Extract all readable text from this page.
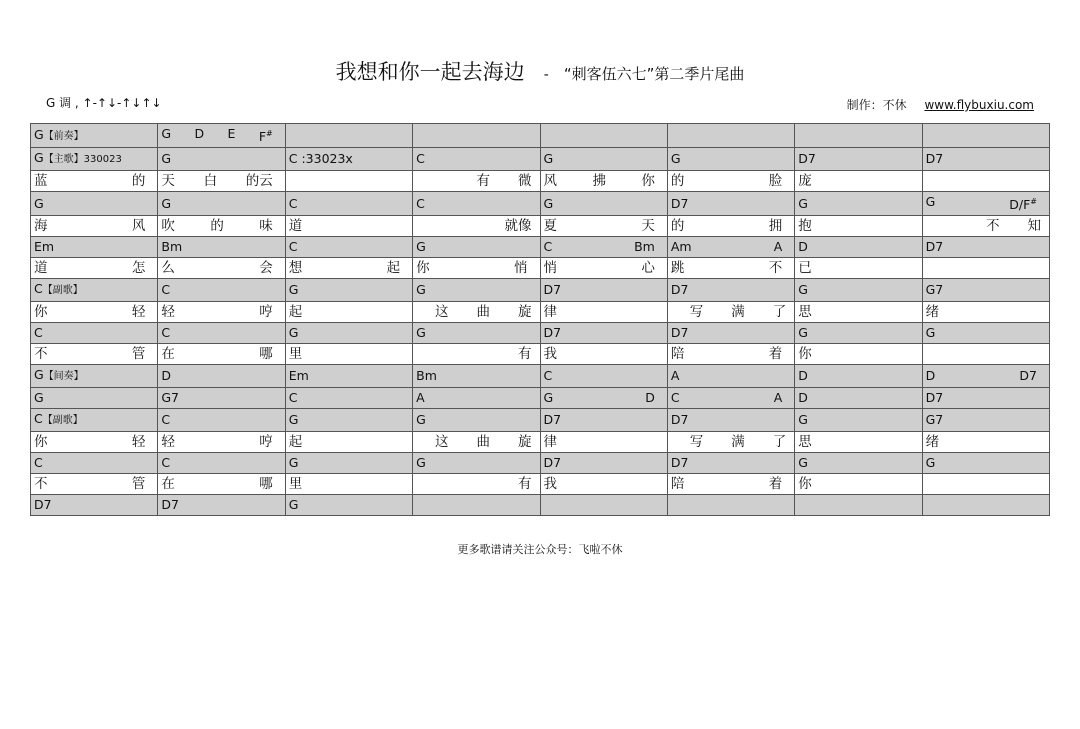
我想和你一起去海边 - “刺客伍六七”第二季片尾曲
G 调 , ↑-↑↓-↑↓↑↓	制作：不休 www.flybuxiu.com
G【前奏】	G D E F#

G【主歌】330023	G	C :33023x	C	G	G	D7	D7

蓝 的	天 白 的云		有 微	风 拂 你	的 脸	庞	
G	G	C	C	G	D7	G	G D/F#

海 风	吹 的 味	道	就像	夏 天	的 拥	抱	不 知

Em	Bm	C	G	C Bm	Am A	D	D7

道 怎	么 会	想 起	你 悄	悄 心	跳 不	已	
C【副歌】	C	G	G	D7	D7	G	G7

你 轻	轻 哼	起	这 曲 旋	律	写 满 了	思	绪
C	C	G	G	D7	D7	G	G

不 管	在 哪	里	有	我	陪 着	你	
G【间奏】	D	Em	Bm	C	A	D	D D7

G	G7	C	A	G D	C A	D	D7
C【副歌】	C	G	G	D7	D7	G	G7

你 轻	轻 哼	起	这 曲 旋	律	写 满 了	思	绪
C	C	G	G	D7	D7	G	G

不 管	在 哪	里	有	我	陪 着	你	
D7	D7	G					
更多歌谱请关注公众号：飞啦不休
